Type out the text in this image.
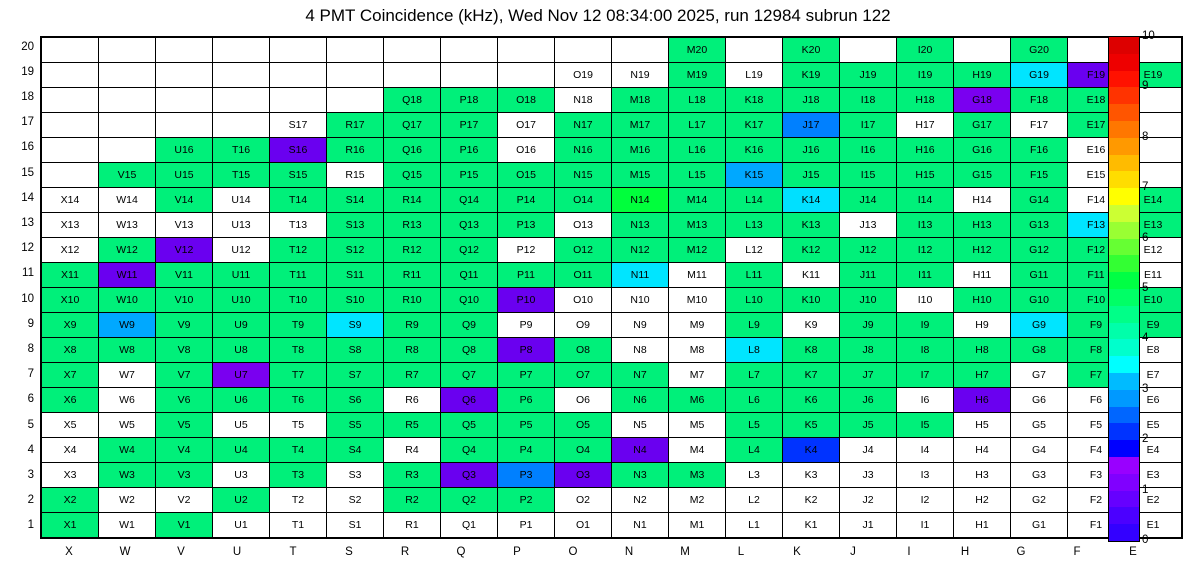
4 PMT Coincidence (kHz), Wed Nov 12 08:34:00 2025, run 12984 subrun 122
											M20		K20		I20		G20		
									O19	N19	M19	L19	K19	J19	I19	H19	G19	F19	E19
						Q18	P18	O18	N18	M18	L18	K18	J18	I18	H18	G18	F18	E18	
				S17	R17	Q17	P17	O17	N17	M17	L17	K17	J17	I17	H17	G17	F17	E17	
		U16	T16	S16	R16	Q16	P16	O16	N16	M16	L16	K16	J16	I16	H16	G16	F16	E16	
	V15	U15	T15	S15	R15	Q15	P15	O15	N15	M15	L15	K15	J15	I15	H15	G15	F15	E15	
X14	W14	V14	U14	T14	S14	R14	Q14	P14	O14	N14	M14	L14	K14	J14	I14	H14	G14	F14	E14
X13	W13	V13	U13	T13	S13	R13	Q13	P13	O13	N13	M13	L13	K13	J13	I13	H13	G13	F13	E13
X12	W12	V12	U12	T12	S12	R12	Q12	P12	O12	N12	M12	L12	K12	J12	I12	H12	G12	F12	E12
X11	W11	V11	U11	T11	S11	R11	Q11	P11	O11	N11	M11	L11	K11	J11	I11	H11	G11	F11	E11
X10	W10	V10	U10	T10	S10	R10	Q10	P10	O10	N10	M10	L10	K10	J10	I10	H10	G10	F10	E10
X9	W9	V9	U9	T9	S9	R9	Q9	P9	O9	N9	M9	L9	K9	J9	I9	H9	G9	F9	E9
X8	W8	V8	U8	T8	S8	R8	Q8	P8	O8	N8	M8	L8	K8	J8	I8	H8	G8	F8	E8
X7	W7	V7	U7	T7	S7	R7	Q7	P7	O7	N7	M7	L7	K7	J7	I7	H7	G7	F7	E7
X6	W6	V6	U6	T6	S6	R6	Q6	P6	O6	N6	M6	L6	K6	J6	I6	H6	G6	F6	E6
X5	W5	V5	U5	T5	S5	R5	Q5	P5	O5	N5	M5	L5	K5	J5	I5	H5	G5	F5	E5
X4	W4	V4	U4	T4	S4	R4	Q4	P4	O4	N4	M4	L4	K4	J4	I4	H4	G4	F4	E4
X3	W3	V3	U3	T3	S3	R3	Q3	P3	O3	N3	M3	L3	K3	J3	I3	H3	G3	F3	E3
X2	W2	V2	U2	T2	S2	R2	Q2	P2	O2	N2	M2	L2	K2	J2	I2	H2	G2	F2	E2
X1	W1	V1	U1	T1	S1	R1	Q1	P1	O1	N1	M1	L1	K1	J1	I1	H1	G1	F1	E1
20
19
18
17
16
15
14
13
12
11
10
9
8
7
6
5
4
3
2
1
X	W	V	U	T	S	R	Q	P	O	N	M	L	K	J	I	H	G	F	E
0
1
2
3
4
5
6
7
8
9
10
